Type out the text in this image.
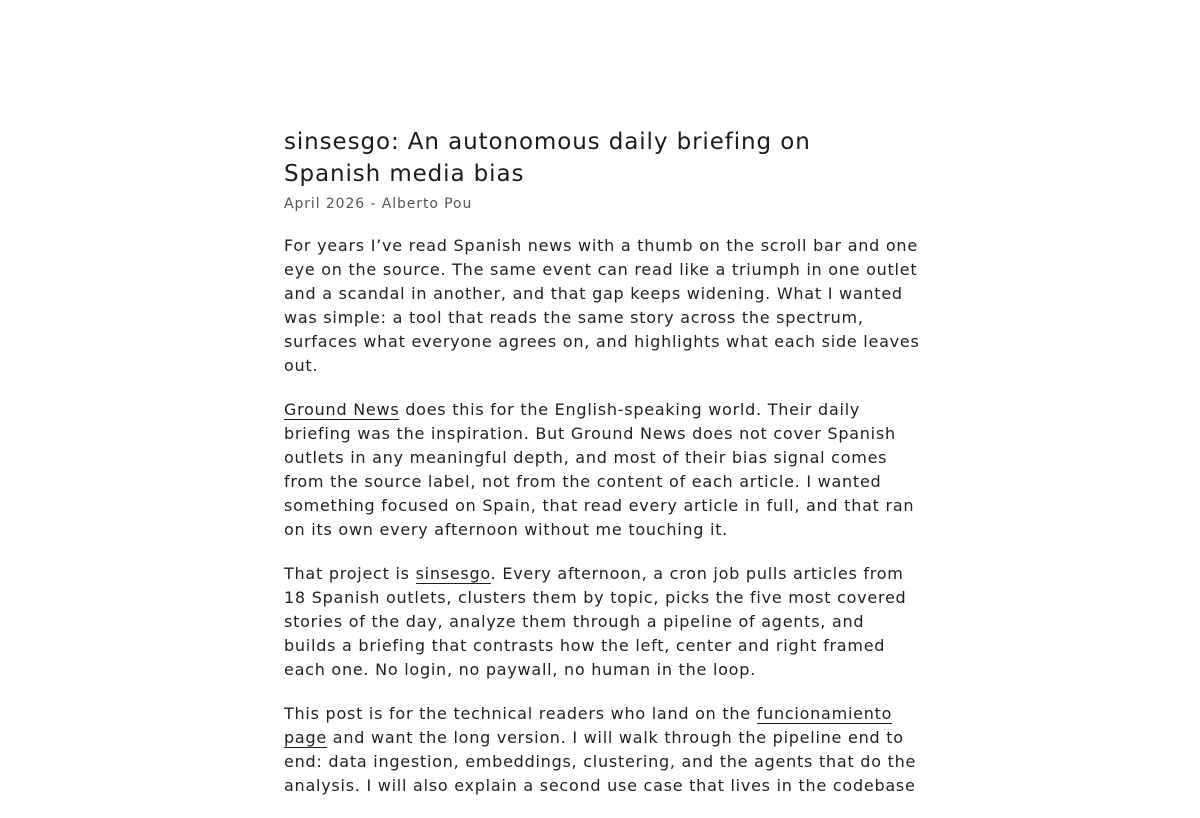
sinsesgo: An autonomous daily briefing on Spanish media bias
April 2026 - Alberto Pou

For years I’ve read Spanish news with a thumb on the scroll bar and one eye on the source. The same event can read like a triumph in one outlet and a scandal in another, and that gap keeps widening. What I wanted was simple: a tool that reads the same story across the spectrum, surfaces what everyone agrees on, and highlights what each side leaves out.

Ground News does this for the English-speaking world. Their daily briefing was the inspiration. But Ground News does not cover Spanish outlets in any meaningful depth, and most of their bias signal comes from the source label, not from the content of each article. I wanted something focused on Spain, that read every article in full, and that ran on its own every afternoon without me touching it.

That project is sinsesgo. Every afternoon, a cron job pulls articles from 18 Spanish outlets, clusters them by topic, picks the five most covered stories of the day, analyze them through a pipeline of agents, and builds a briefing that contrasts how the left, center and right framed each one. No login, no paywall, no human in the loop.

This post is for the technical readers who land on the funcionamiento page and want the long version. I will walk through the pipeline end to end: data ingestion, embeddings, clustering, and the agents that do the analysis. I will also explain a second use case that lives in the codebase
